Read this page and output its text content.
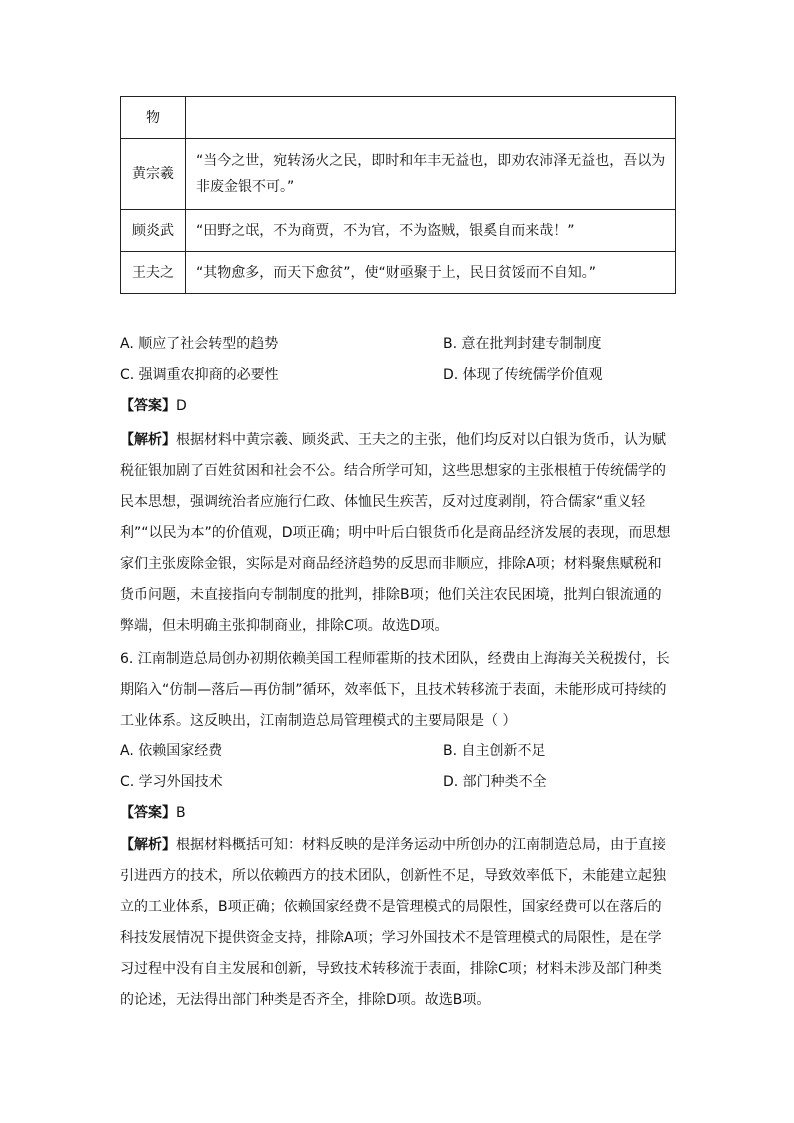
物	
黄宗羲	“当今之世，宛转汤火之民，即时和年丰无益也，即劝农沛泽无益也，吾以为
非废金银不可。”

顾炎武	“田野之氓，不为商贾，不为官，不为盗贼，银奚自而来哉！”
王夫之	“其物愈多，而天下愈贫”，使“财亟聚于上，民日贫馁而不自知。”
A. 顺应了社会转型的趋势	B. 意在批判封建专制制度
C. 强调重农抑商的必要性	D. 体现了传统儒学价值观
【答案】D
【解析】根据材料中黄宗羲、顾炎武、王夫之的主张，他们均反对以白银为货币，认为赋
税征银加剧了百姓贫困和社会不公。结合所学可知，这些思想家的主张根植于传统儒学的
民本思想，强调统治者应施行仁政、体恤民生疾苦，反对过度剥削，符合儒家“重义轻
利”“以民为本”的价值观，D项正确；明中叶后白银货币化是商品经济发展的表现，而思想
家们主张废除金银，实际是对商品经济趋势的反思而非顺应，排除A项；材料聚焦赋税和
货币问题，未直接指向专制制度的批判，排除B项；他们关注农民困境，批判白银流通的
弊端，但未明确主张抑制商业，排除C项。故选D项。
6. 江南制造总局创办初期依赖美国工程师霍斯的技术团队，经费由上海海关关税拨付，长
期陷入“仿制—落后—再仿制”循环，效率低下，且技术转移流于表面，未能形成可持续的
工业体系。这反映出，江南制造总局管理模式的主要局限是（ ）
A. 依赖国家经费	B. 自主创新不足
C. 学习外国技术	D. 部门种类不全
【答案】B
【解析】根据材料概括可知：材料反映的是洋务运动中所创办的江南制造总局，由于直接
引进西方的技术，所以依赖西方的技术团队，创新性不足，导致效率低下，未能建立起独
立的工业体系，B项正确；依赖国家经费不是管理模式的局限性，国家经费可以在落后的
科技发展情况下提供资金支持，排除A项；学习外国技术不是管理模式的局限性，是在学
习过程中没有自主发展和创新，导致技术转移流于表面，排除C项；材料未涉及部门种类
的论述，无法得出部门种类是否齐全，排除D项。故选B项。
